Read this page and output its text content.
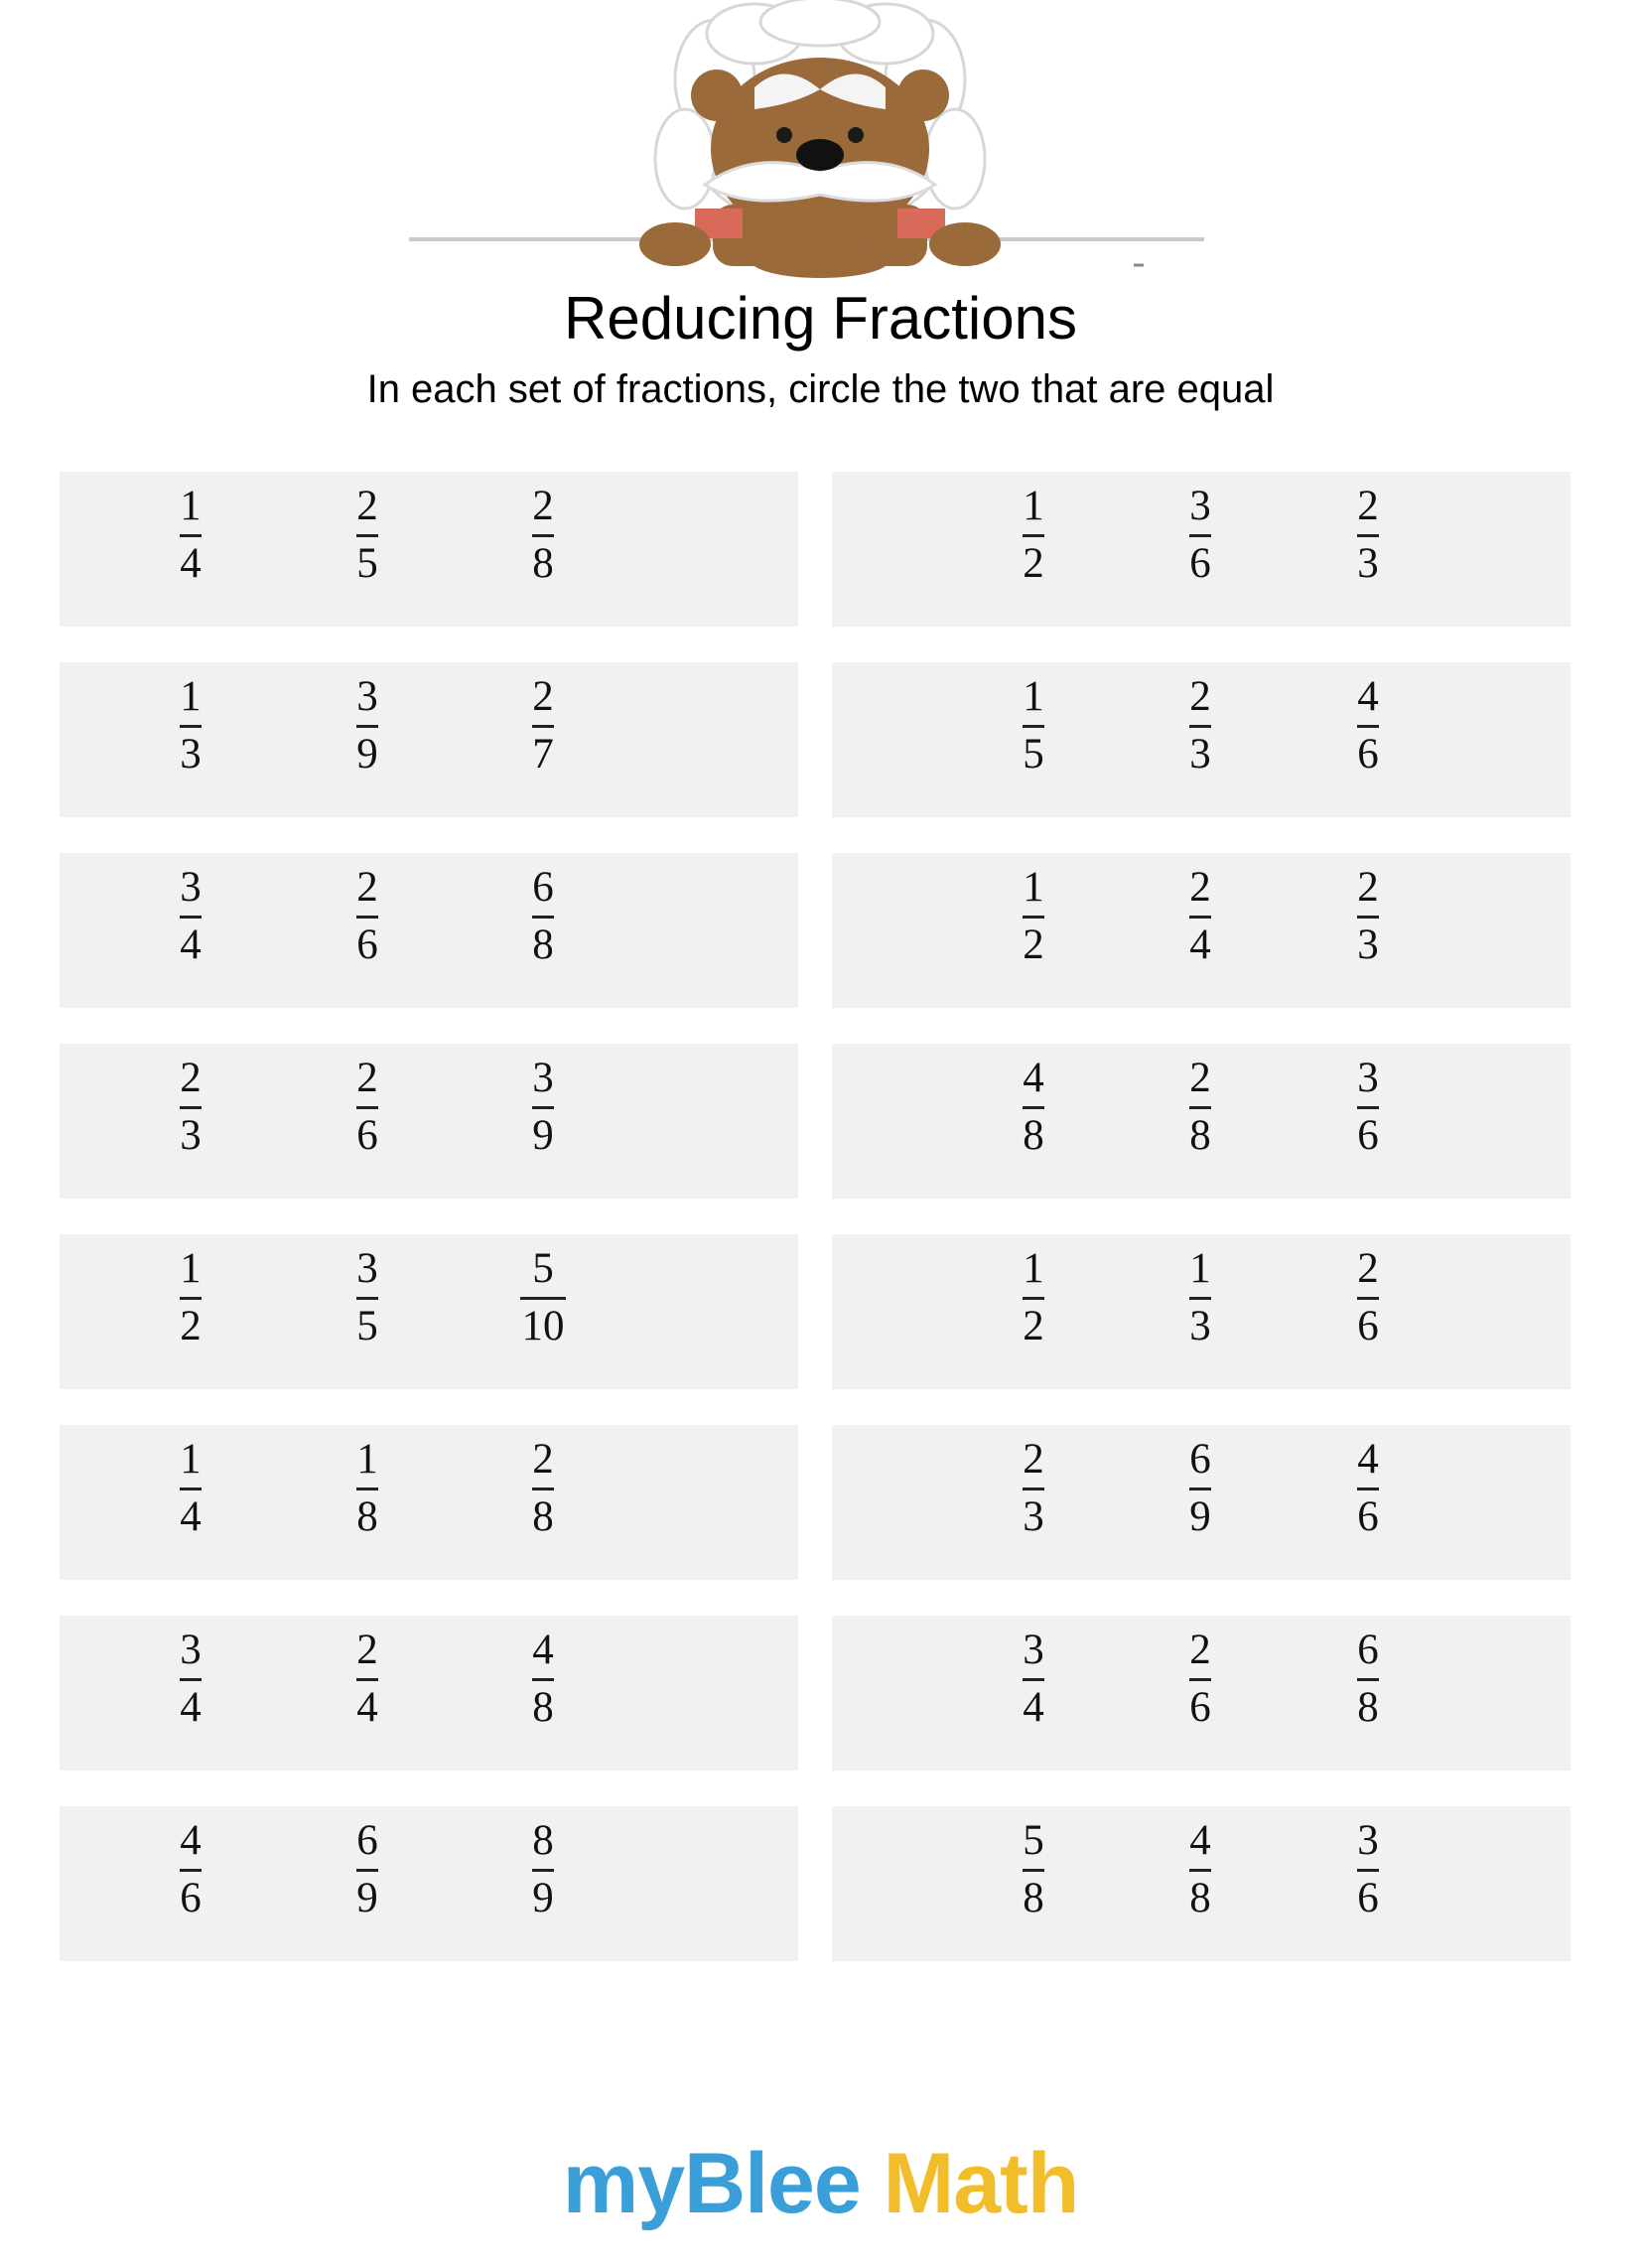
Reducing Fractions
In each set of fractions, circle the two that are equal
1
4
2
5
2
8
1
2
3
6
2
3
1
3
3
9
2
7
1
5
2
3
4
6
3
4
2
6
6
8
1
2
2
4
2
3
2
3
2
6
3
9
4
8
2
8
3
6
1
2
3
5
5
10
1
2
1
3
2
6
1
4
1
8
2
8
2
3
6
9
4
6
3
4
2
4
4
8
3
4
2
6
6
8
4
6
6
9
8
9
5
8
4
8
3
6
myBlee Math
